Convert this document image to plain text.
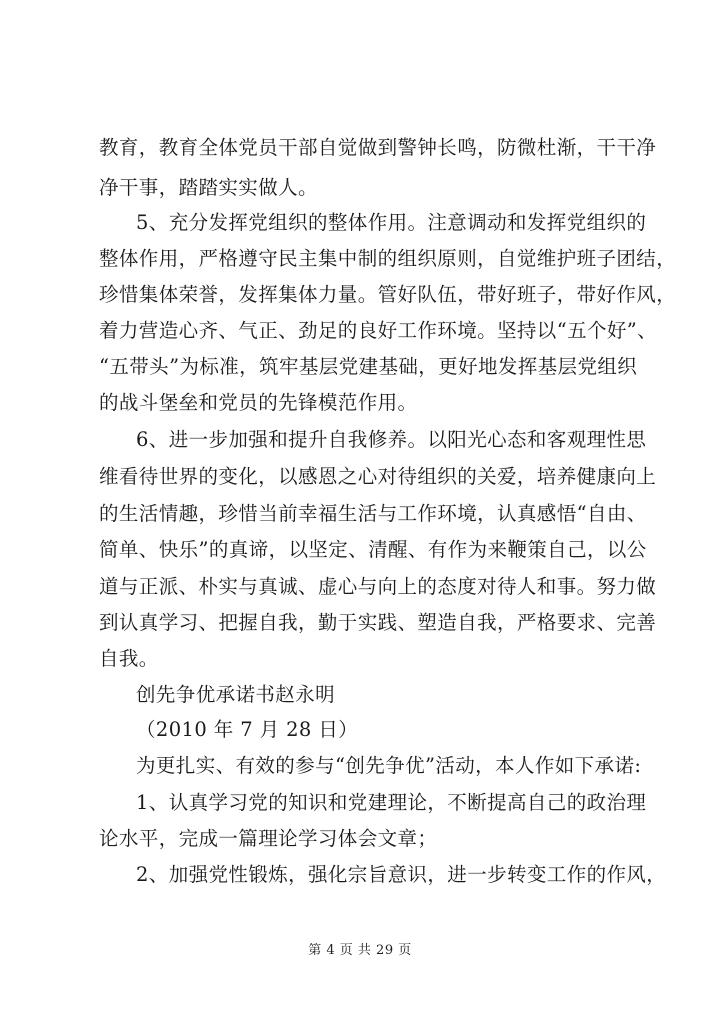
教育，教育全体党员干部自觉做到警钟长鸣，防微杜渐，干干净
净干事，踏踏实实做人。
5、充分发挥党组织的整体作用。注意调动和发挥党组织的
整体作用，严格遵守民主集中制的组织原则，自觉维护班子团结，
珍惜集体荣誉，发挥集体力量。管好队伍，带好班子，带好作风，
着力营造心齐、气正、劲足的良好工作环境。坚持以“五个好”、
“五带头”为标准，筑牢基层党建基础，更好地发挥基层党组织
的战斗堡垒和党员的先锋模范作用。
6、进一步加强和提升自我修养。以阳光心态和客观理性思
维看待世界的变化，以感恩之心对待组织的关爱，培养健康向上
的生活情趣，珍惜当前幸福生活与工作环境，认真感悟“自由、
简单、快乐”的真谛，以坚定、清醒、有作为来鞭策自己，以公
道与正派、朴实与真诚、虚心与向上的态度对待人和事。努力做
到认真学习、把握自我，勤于实践、塑造自我，严格要求、完善
自我。
创先争优承诺书赵永明
（2010 年 7 月 28 日）
为更扎实、有效的参与“创先争优”活动，本人作如下承诺:
1、认真学习党的知识和党建理论，不断提高自己的政治理
论水平，完成一篇理论学习体会文章；
2、加强党性锻炼，强化宗旨意识，进一步转变工作的作风，
第 4 页 共 29 页
